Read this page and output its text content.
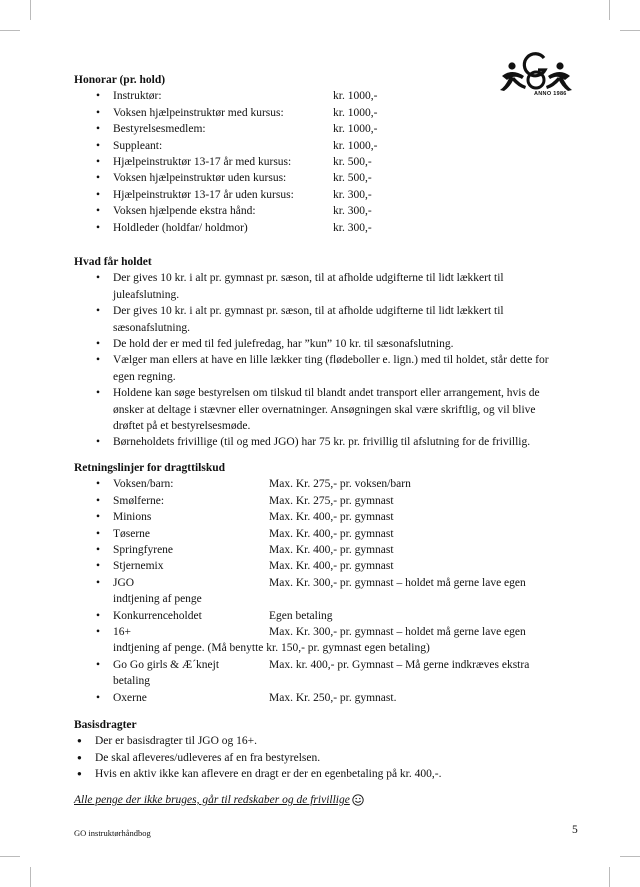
ANNO 1986
Honorar (pr. hold)
• Instruktør:	kr. 1000,-
• Voksen hjælpeinstruktør med kursus:	kr. 1000,-
• Bestyrelsesmedlem:	kr. 1000,-
• Suppleant:	kr. 1000,-
• Hjælpeinstruktør 13-17 år med kursus:	kr. 500,-
• Voksen hjælpeinstruktør uden kursus:	kr. 500,-
• Hjælpeinstruktør 13-17 år uden kursus:	kr. 300,-
• Voksen hjælpende ekstra hånd:	kr. 300,-
• Holdleder (holdfar/ holdmor)	kr. 300,-
Hvad får holdet
• Der gives 10 kr. i alt pr. gymnast pr. sæson, til at afholde udgifterne til lidt lækkert til juleafslutning.
• Der gives 10 kr. i alt pr. gymnast pr. sæson, til at afholde udgifterne til lidt lækkert til sæsonafslutning.
• De hold der er med til fed julefredag, har ”kun” 10 kr. til sæsonafslutning.
• Vælger man ellers at have en lille lækker ting (flødeboller e. lign.) med til holdet, står dette for egen regning.
• Holdene kan søge bestyrelsen om tilskud til blandt andet transport eller arrangement, hvis de ønsker at deltage i stævner eller overnatninger. Ansøgningen skal være skriftlig, og vil blive drøftet på et bestyrelsesmøde.
• Børneholdets frivillige (til og med JGO) har 75 kr. pr. frivillig til afslutning for de frivillig.
Retningslinjer for dragttilskud
• Voksen/barn:	Max. Kr. 275,- pr. voksen/barn
• Smølferne:	Max. Kr. 275,- pr. gymnast
• Minions	Max. Kr. 400,- pr. gymnast
• Tøserne	Max. Kr. 400,- pr. gymnast
• Springfyrene	Max. Kr. 400,- pr. gymnast
• Stjernemix	Max. Kr. 400,- pr. gymnast
• JGO	Max. Kr. 300,- pr. gymnast – holdet må gerne lave egen
indtjening af penge
• Konkurrenceholdet	Egen betaling
• 16+	Max. Kr. 300,- pr. gymnast – holdet må gerne lave egen
indtjening af penge. (Må benytte kr. 150,- pr. gymnast egen betaling)
• Go Go girls & Æ´knejt	Max. kr. 400,- pr. Gymnast – Må gerne indkræves ekstra
betaling
• Oxerne	Max. Kr. 250,- pr. gymnast.
Basisdragter
● Der er basisdragter til JGO og 16+.
● De skal afleveres/udleveres af en fra bestyrelsen.
● Hvis en aktiv ikke kan aflevere en dragt er der en egenbetaling på kr. 400,-.
Alle penge der ikke bruges, går til redskaber og de frivillige
GO instruktørhåndbog	5
